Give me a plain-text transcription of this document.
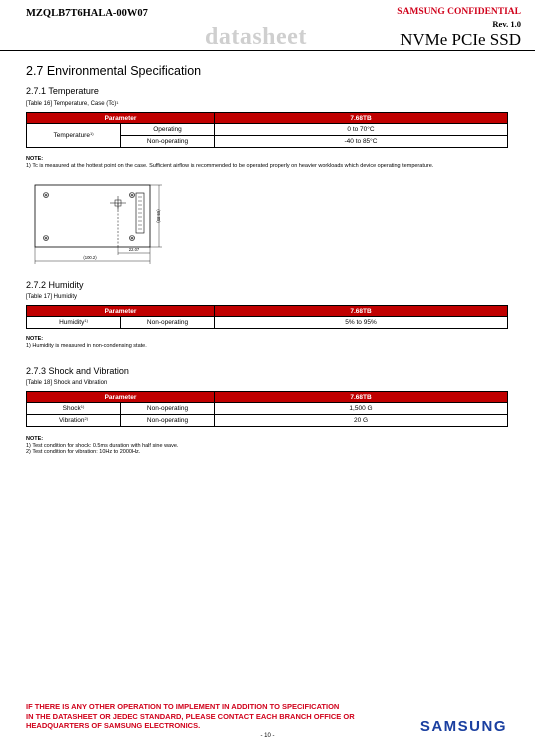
MZQLB7T6HALA-00W07
datasheet
SAMSUNG CONFIDENTIAL
Rev. 1.0
NVMe PCIe SSD
2.7 Environmental Specification
2.7.1 Temperature
[Table 16] Temperature, Case $(Tc)^1$
Parameter		7.68TB
Temperature$^{1)}$	Operating	0 to 70°C
	Non-operating	-40 to 85°C
NOTE:
1) Tc is measured at the hottest point on the case. Sufficient airflow is recommended to be operated properly on heavier workloads which device operating temperature.
(100.2)
22.07
(69.85)
2.7.2 Humidity
[Table 17] Humidity
Parameter		7.68TB
Humidity$^{1)}$	Non-operating	5% to 95%
NOTE:
1) Humidity is measured in non-condensing state.
2.7.3 Shock and Vibration
[Table 18] Shock and Vibration
Parameter		7.68TB
Shock$^{1)}$	Non-operating	1,500 G
Vibration$^{2)}$	Non-operating	20 G
NOTE:
1) Test condition for shock: 0.5ms duration with half sine wave.
2) Test condition for vibration: 10Hz to 2000Hz.
IF THERE IS ANY OTHER OPERATION TO IMPLEMENT IN ADDITION TO SPECIFICATION
IN THE DATASHEET OR JEDEC STANDARD, PLEASE CONTACT EACH BRANCH OFFICE OR
HEADQUARTERS OF SAMSUNG ELECTRONICS.
- 10 -
SAMSUNG
